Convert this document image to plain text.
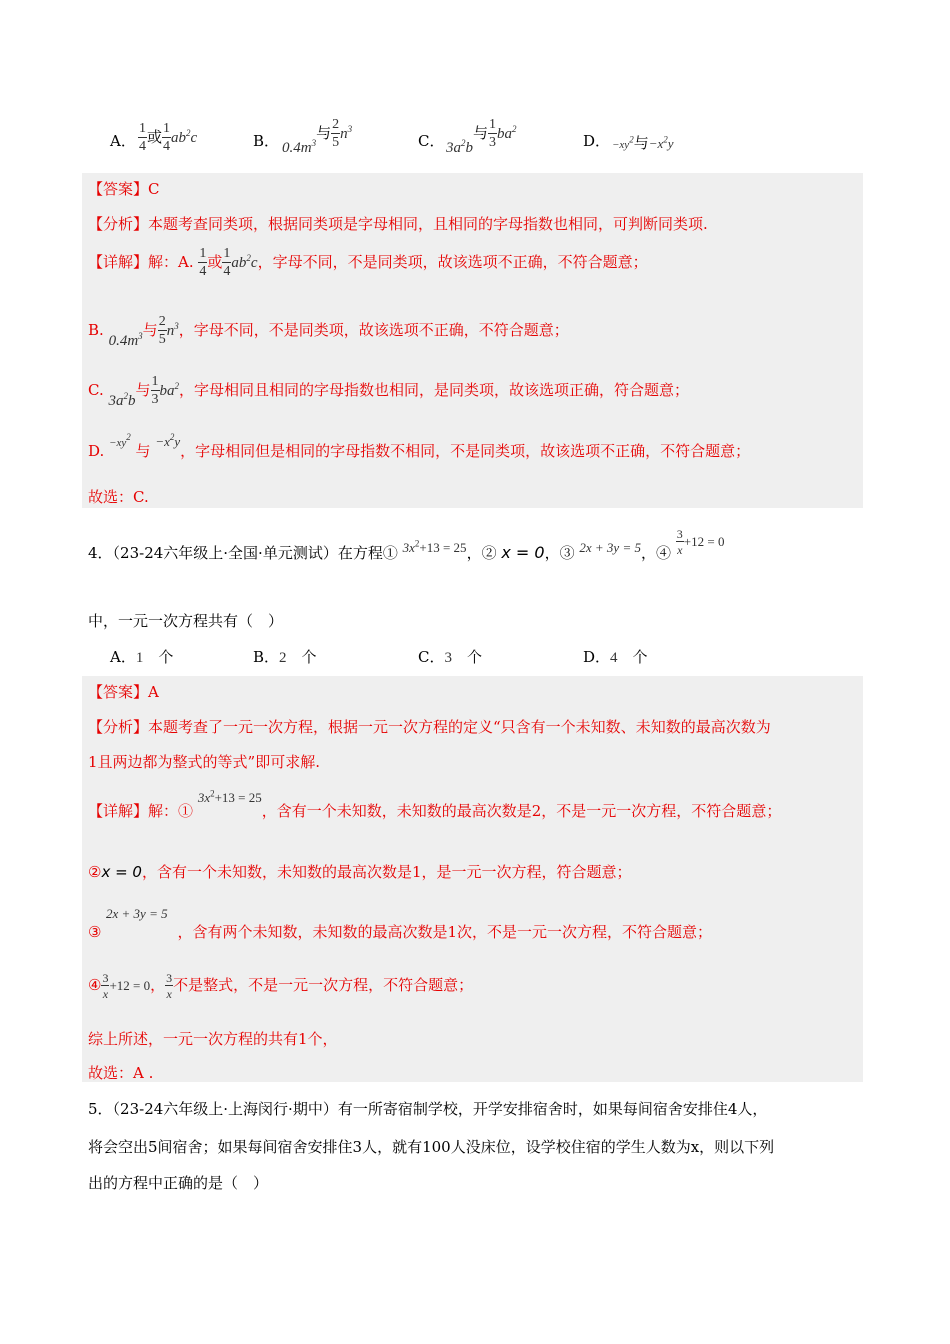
A． $\frac{1}{4}$ 或 $\frac{1}{4} ab^2c$	B． $0.4m^3$与 $\frac{2}{5} n^3$
C． $3a^2b$与 $\frac{1}{3} ba^2$
D． $-xy^2$与$-x^2y$
【答案】C
【分析】本题考查同类项，根据同类项是字母相同，且相同的字母指数也相同，可判断同类项.
【详解】解：A. $\frac{1}{4}$ 或 $\frac{1}{4} ab^2c$，字母不同，不是同类项，故该选项不正确，不符合题意；
B. $0.4m^3$与 $\frac{2}{5} n^3$，字母不同，不是同类项，故该选项不正确，不符合题意；
C. $3a^2b$与 $\frac{1}{3} ba^2$，字母相同且相同的字母指数也相同，是同类项，故该选项正确，符合题意；
D. $-xy^2$ 与 $-x^2y$，字母相同但是相同的字母指数不相同，不是同类项，故该选项不正确，不符合题意；
故选：C.
4．（23-24六年级上·全国·单元测试）在方程① $3x^2+13 = 25$，② x = 0，③ 2x + 3y = 5，④ $\frac{3}{x} +12 = 0$
中，一元一次方程共有（　）
A．1　 个	B．2　 个	C．3　 个	D．4　 个
【答案】A
【分析】本题考查了一元一次方程，根据一元一次方程的定义“只含有一个未知数、未知数的最高次数为
1且两边都为整式的等式”即可求解.
【详解】解：① $3x^2+13 = 25$，含有一个未知数，未知数的最高次数是2，不是一元一次方程，不符合题意；
②x = 0，含有一个未知数，未知数的最高次数是1，是一元一次方程，符合题意；
2x + 3y = 5
③	，含有两个未知数，未知数的最高次数是1次，不是一元一次方程，不符合题意；
④ $\frac{3}{x} +12 = 0$， $\frac{3}{x}$ 不是整式，不是一元一次方程，不符合题意；
综上所述，一元一次方程的共有1个，
故选：A .
5．（23-24六年级上·上海闵行·期中）有一所寄宿制学校，开学安排宿舍时，如果每间宿舍安排住4人，
将会空出5间宿舍；如果每间宿舍安排住3人，就有100人没床位，设学校住宿的学生人数为x，则以下列
出的方程中正确的是（　）
